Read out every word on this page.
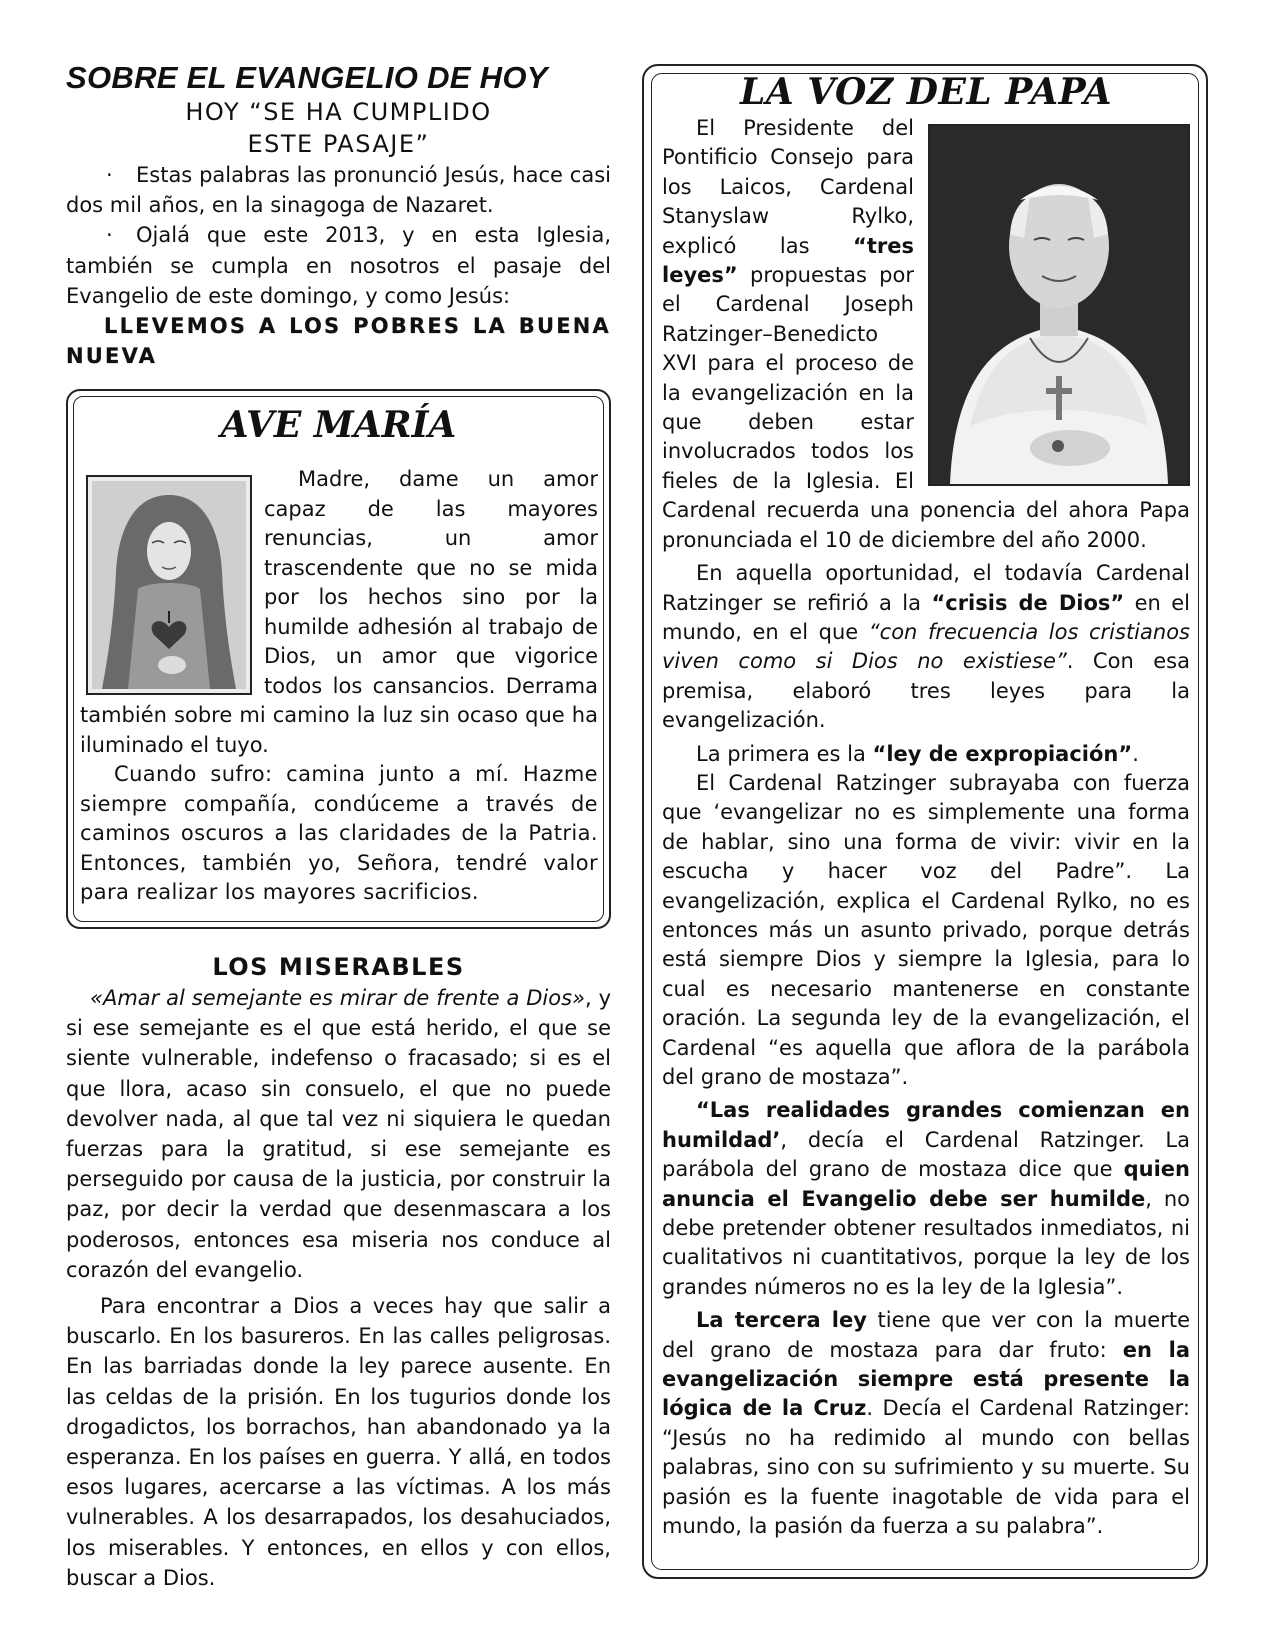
SOBRE EL EVANGELIO DE HOY

HOY “SE HA CUMPLIDO

ESTE PASAJE”

· Estas palabras las pronunció Jesús, hace casi dos mil años, en la sinagoga de Nazaret.

· Ojalá que este 2013, y en esta Iglesia, también se cumpla en nosotros el pasaje del Evangelio de este domingo, y como Jesús:

LLEVEMOS A LOS POBRES LA BUENA NUEVA

AVE MARÍA

Madre, dame un amor capaz de las mayores renuncias, un amor trascendente que no se mida por los hechos sino por la humilde adhesión al trabajo de Dios, un amor que vigorice todos los cansancios. Derrama también sobre mi camino la luz sin ocaso que ha iluminado el tuyo.

Cuando sufro: camina junto a mí. Hazme siempre compañía, condúceme a través de caminos oscuros a las claridades de la Patria. Entonces, también yo, Señora, tendré valor para realizar los mayores sacrificios.

LOS MISERABLES

«Amar al semejante es mirar de frente a Dios», y si ese semejante es el que está herido, el que se siente vulnerable, indefenso o fracasado; si es el que llora, acaso sin consuelo, el que no puede devolver nada, al que tal vez ni siquiera le quedan fuerzas para la gratitud, si ese semejante es perseguido por causa de la justicia, por construir la paz, por decir la verdad que desenmascara a los poderosos, entonces esa miseria nos conduce al corazón del evangelio.

Para encontrar a Dios a veces hay que salir a buscarlo. En los basureros. En las calles peligrosas. En las barriadas donde la ley parece ausente. En las celdas de la prisión. En los tugurios donde los drogadictos, los borrachos, han abandonado ya la esperanza. En los países en guerra. Y allá, en todos esos lugares, acercarse a las víctimas. A los más vulnerables. A los desarrapados, los desahuciados, los miserables. Y entonces, en ellos y con ellos, buscar a Dios.

LA VOZ DEL PAPA

El Presidente del Pontificio Consejo para los Laicos, Cardenal Stanyslaw Rylko, explicó las “tres leyes” propuestas por el Cardenal Joseph Ratzinger–Benedicto XVI para el proceso de la evangelización en la que deben estar involucrados todos los fieles de la Iglesia. El Cardenal recuerda una ponencia del ahora Papa pronunciada el 10 de diciembre del año 2000.

En aquella oportunidad, el todavía Cardenal Ratzinger se refirió a la “crisis de Dios” en el mundo, en el que “con frecuencia los cristianos viven como si Dios no existiese”. Con esa premisa, elaboró tres leyes para la evangelización.

La primera es la “ley de expropiación”.

El Cardenal Ratzinger subrayaba con fuerza que ‘evangelizar no es simplemente una forma de hablar, sino una forma de vivir: vivir en la escucha y hacer voz del Padre”. La evangelización, explica el Cardenal Rylko, no es entonces más un asunto privado, porque detrás está siempre Dios y siempre la Iglesia, para lo cual es necesario mantenerse en constante oración. La segunda ley de la evangelización, el Cardenal “es aquella que aflora de la parábola del grano de mostaza”.

“Las realidades grandes comienzan en humildad’, decía el Cardenal Ratzinger. La parábola del grano de mostaza dice que quien anuncia el Evangelio debe ser humilde, no debe pretender obtener resultados inmediatos, ni cualitativos ni cuantitativos, porque la ley de los grandes números no es la ley de la Iglesia”.

La tercera ley tiene que ver con la muerte del grano de mostaza para dar fruto: en la evangelización siempre está presente la lógica de la Cruz. Decía el Cardenal Ratzinger: “Jesús no ha redimido al mundo con bellas palabras, sino con su sufrimiento y su muerte. Su pasión es la fuente inagotable de vida para el mundo, la pasión da fuerza a su palabra”.
